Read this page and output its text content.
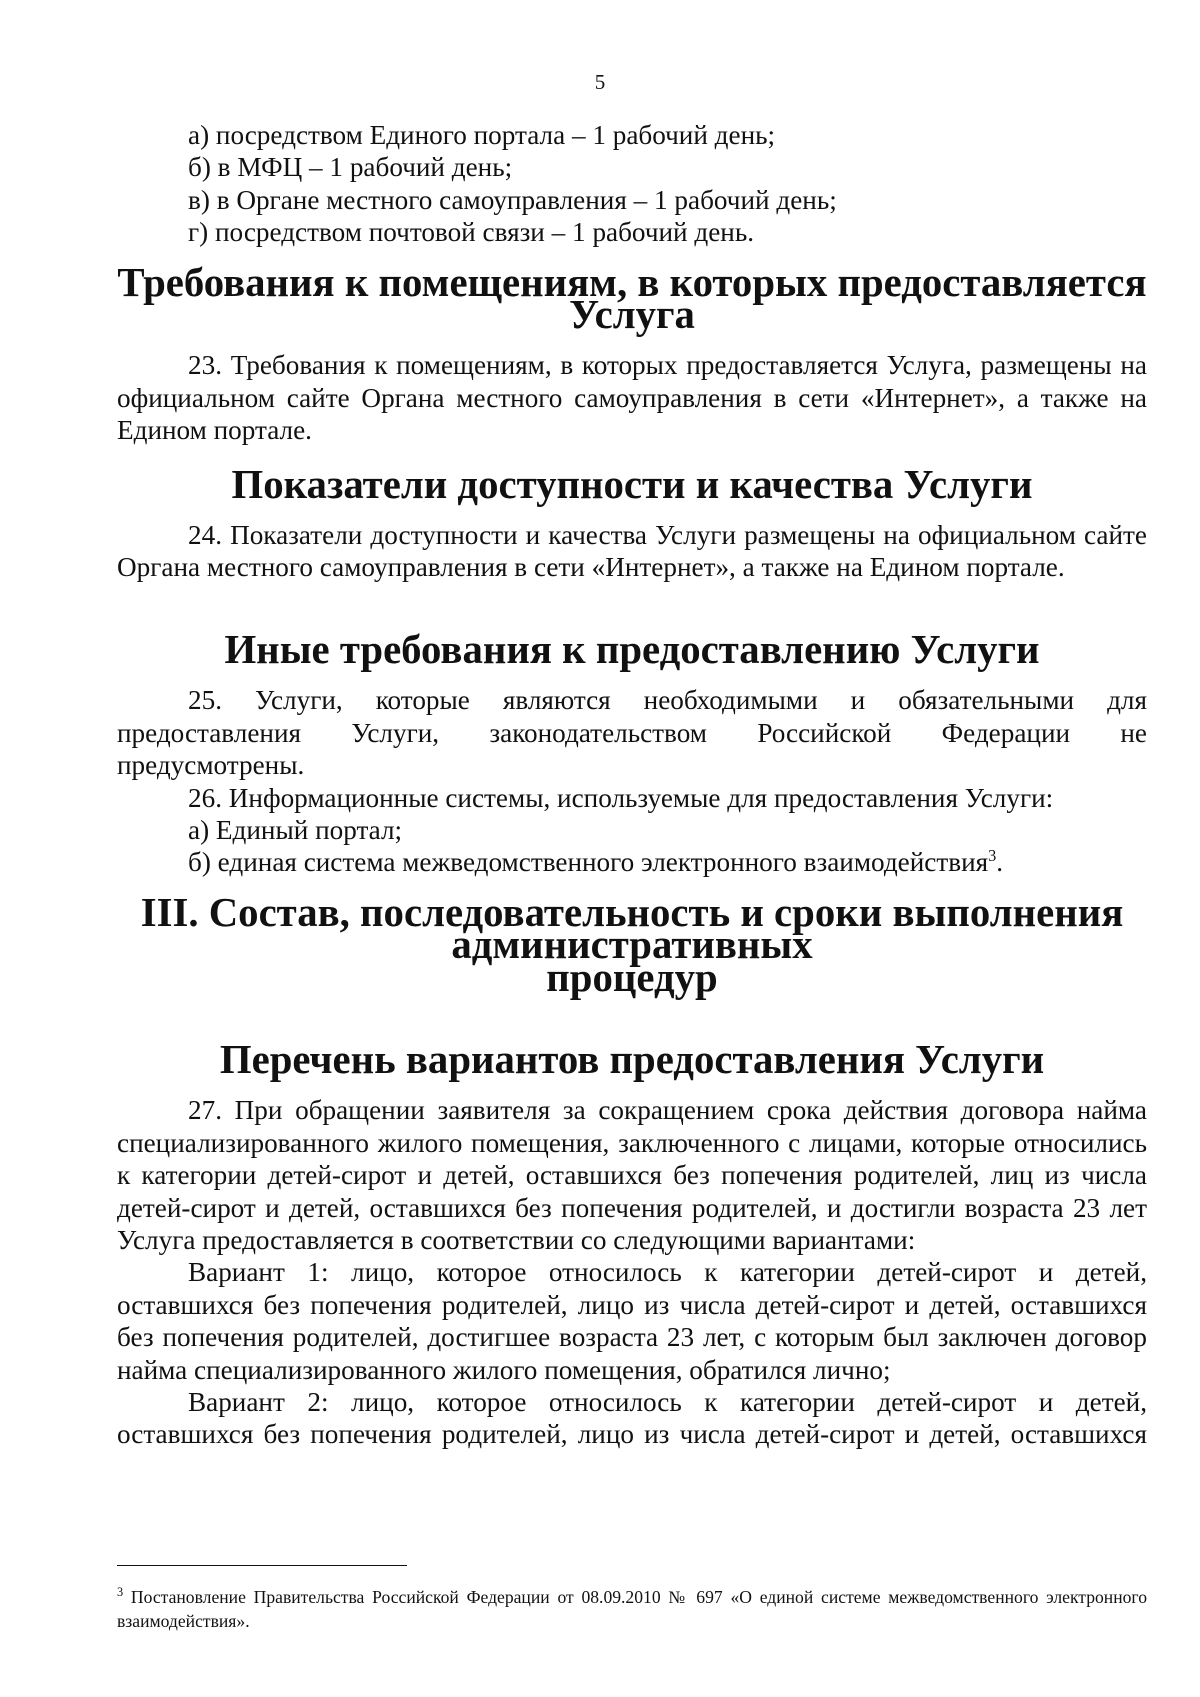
5

а) посредством Единого портала – 1 рабочий день;

б) в МФЦ – 1 рабочий день;

в) в Органе местного самоуправления – 1 рабочий день;

г) посредством почтовой связи – 1 рабочий день.

Требования к помещениям, в которых предоставляется Услуга

23. Требования к помещениям, в которых предоставляется Услуга, размещены на официальном сайте Органа местного самоуправления в сети «Интернет», а также на Едином портале.

Показатели доступности и качества Услуги

24. Показатели доступности и качества Услуги размещены на официальном сайте Органа местного самоуправления в сети «Интернет», а также на Едином портале.

Иные требования к предоставлению Услуги

25. Услуги, которые являются необходимыми и обязательными для

предоставления Услуги, законодательством Российской Федерации не

предусмотрены.

26. Информационные системы, используемые для предоставления Услуги:

а) Единый портал;

б) единая система межведомственного электронного взаимодействия$^3$.

III. Состав, последовательность и сроки выполнения административных
процедур
Перечень вариантов предоставления Услуги

27. При обращении заявителя за сокращением срока действия договора найма специализированного жилого помещения, заключенного с лицами, которые относились к категории детей-сирот и детей, оставшихся без попечения родителей, лиц из числа детей-сирот и детей, оставшихся без попечения родителей, и достигли возраста 23 лет Услуга предоставляется в соответствии со следующими вариантами:

Вариант 1: лицо, которое относилось к категории детей-сирот и детей, оставшихся без попечения родителей, лицо из числа детей-сирот и детей, оставшихся без попечения родителей, достигшее возраста 23 лет, с которым был заключен договор найма специализированного жилого помещения, обратился лично;

Вариант 2: лицо, которое относилось к категории детей-сирот и детей, оставшихся без попечения родителей, лицо из числа детей-сирот и детей, оставшихся

$^3$ Постановление Правительства Российской Федерации от 08.09.2010 № 697 «О единой системе межведомственного электронного взаимодействия».
